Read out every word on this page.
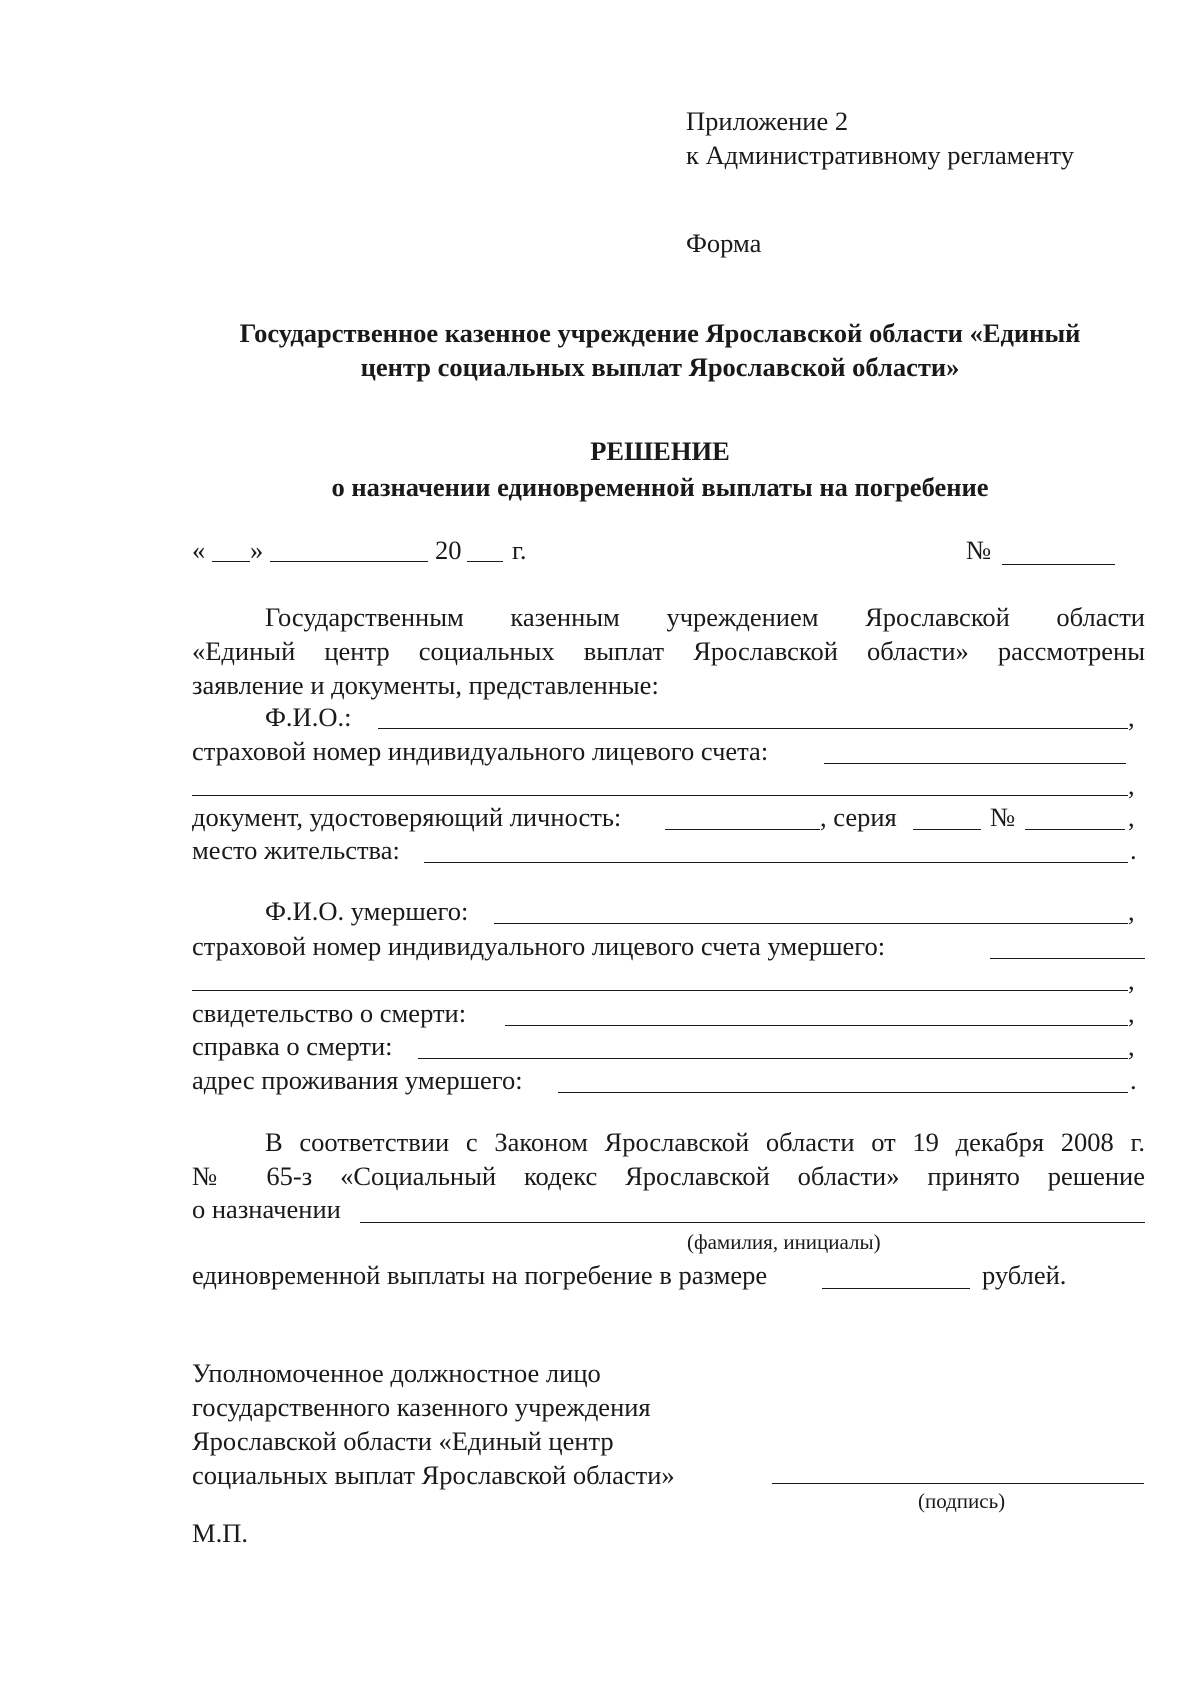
Приложение 2
к Административному регламенту
Форма
Государственное казенное учреждение Ярославской области «Единый
центр социальных выплат Ярославской области»
РЕШЕНИЕ
о назначении единовременной выплаты на погребение
« »	20 г.	№
Государственным казенным учреждением Ярославской области
«Единый центр социальных выплат Ярославской области» рассмотрены
заявление и документы, представленные:
Ф.И.О.:	,
страховой номер индивидуального лицевого счета:
,
документ, удостоверяющий личность:	, серия	№	,
место жительства:	.
Ф.И.О. умершего:	,
страховой номер индивидуального лицевого счета умершего:
,
свидетельство о смерти:	,
справка о смерти:	,
адрес проживания умершего:	.
В соответствии с Законом Ярославской области от 19 декабря 2008 г.
№ 65-з «Социальный кодекс Ярославской области» принято решение
о назначении
(фамилия, инициалы)
единовременной выплаты на погребение в размере	рублей.
Уполномоченное должностное лицо
государственного казенного учреждения
Ярославской области «Единый центр
социальных выплат Ярославской области»
(подпись)
М.П.
